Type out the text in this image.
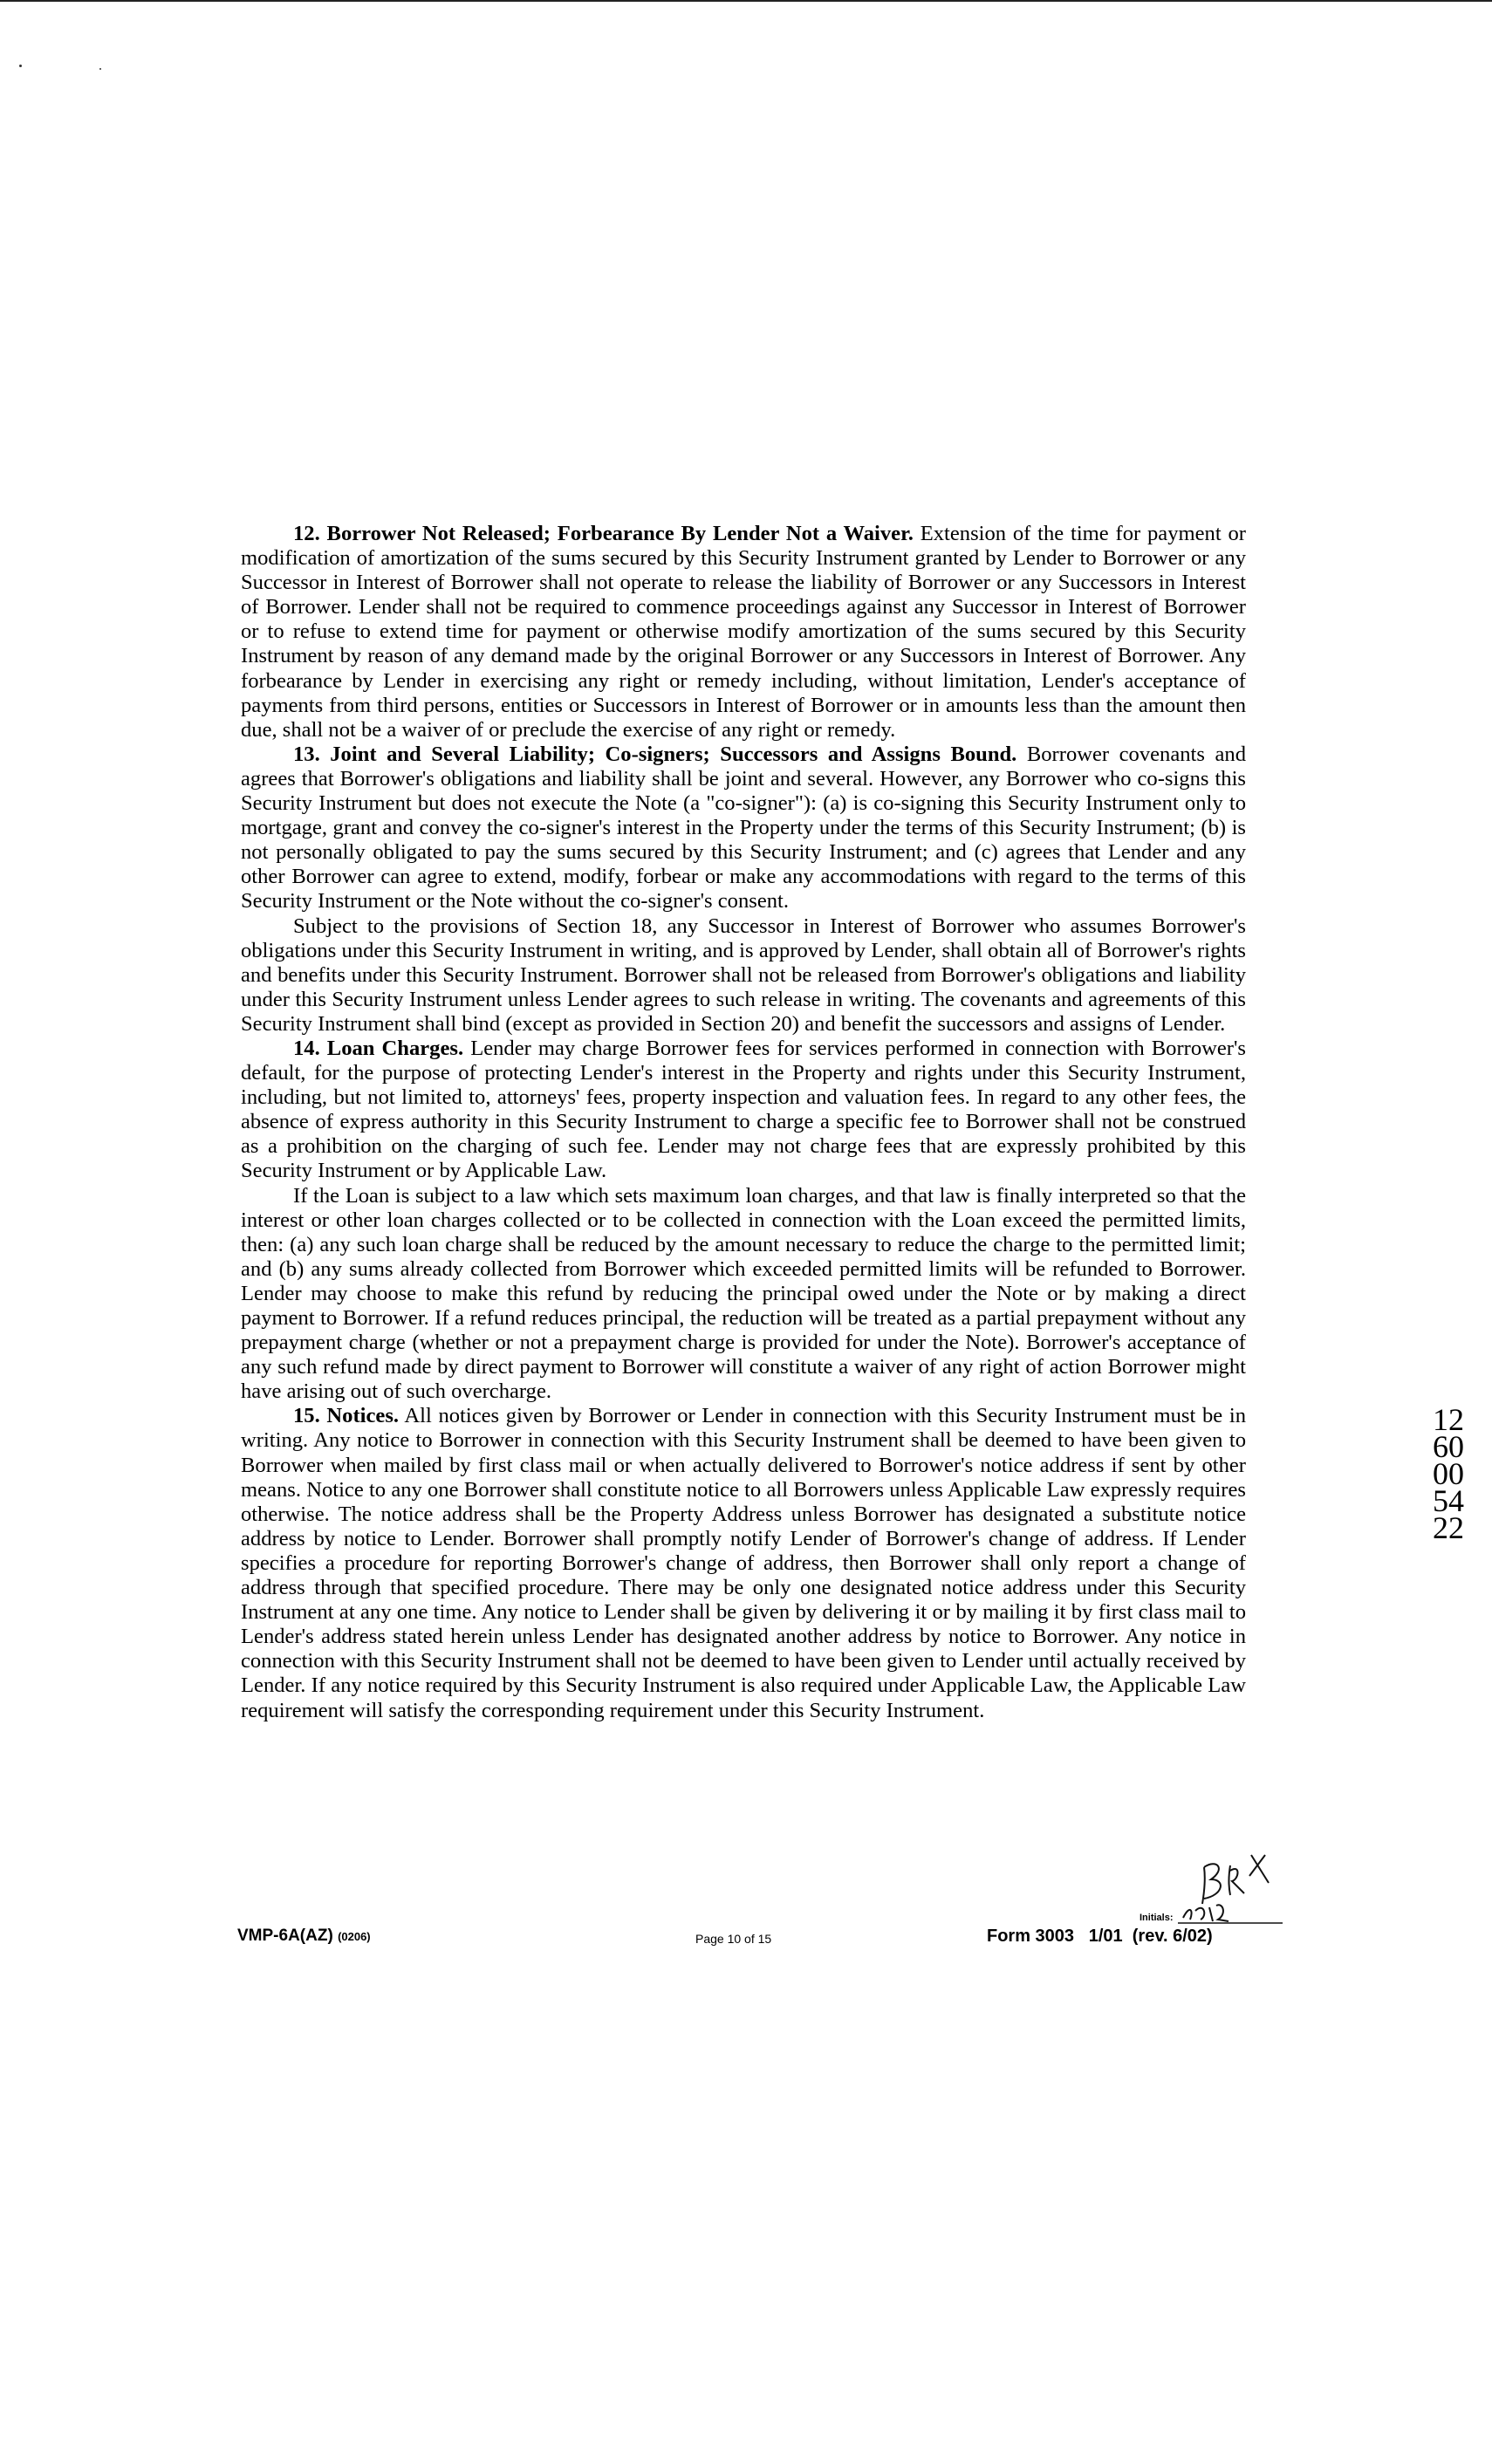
12. Borrower Not Released; Forbearance By Lender Not a Waiver. Extension of the time for payment or modification of amortization of the sums secured by this Security Instrument granted by Lender to Borrower or any Successor in Interest of Borrower shall not operate to release the liability of Borrower or any Successors in Interest of Borrower. Lender shall not be required to commence proceedings against any Successor in Interest of Borrower or to refuse to extend time for payment or otherwise modify amortization of the sums secured by this Security Instrument by reason of any demand made by the original Borrower or any Successors in Interest of Borrower. Any forbearance by Lender in exercising any right or remedy including, without limitation, Lender's acceptance of payments from third persons, entities or Successors in Interest of Borrower or in amounts less than the amount then due, shall not be a waiver of or preclude the exercise of any right or remedy.

13. Joint and Several Liability; Co-signers; Successors and Assigns Bound. Borrower covenants and agrees that Borrower's obligations and liability shall be joint and several. However, any Borrower who co-signs this Security Instrument but does not execute the Note (a "co-signer"): (a) is co-signing this Security Instrument only to mortgage, grant and convey the co-signer's interest in the Property under the terms of this Security Instrument; (b) is not personally obligated to pay the sums secured by this Security Instrument; and (c) agrees that Lender and any other Borrower can agree to extend, modify, forbear or make any accommodations with regard to the terms of this Security Instrument or the Note without the co-signer's consent.

Subject to the provisions of Section 18, any Successor in Interest of Borrower who assumes Borrower's obligations under this Security Instrument in writing, and is approved by Lender, shall obtain all of Borrower's rights and benefits under this Security Instrument. Borrower shall not be released from Borrower's obligations and liability under this Security Instrument unless Lender agrees to such release in writing. The covenants and agreements of this Security Instrument shall bind (except as provided in Section 20) and benefit the successors and assigns of Lender.

14. Loan Charges. Lender may charge Borrower fees for services performed in connection with Borrower's default, for the purpose of protecting Lender's interest in the Property and rights under this Security Instrument, including, but not limited to, attorneys' fees, property inspection and valuation fees. In regard to any other fees, the absence of express authority in this Security Instrument to charge a specific fee to Borrower shall not be construed as a prohibition on the charging of such fee. Lender may not charge fees that are expressly prohibited by this Security Instrument or by Applicable Law.

If the Loan is subject to a law which sets maximum loan charges, and that law is finally interpreted so that the interest or other loan charges collected or to be collected in connection with the Loan exceed the permitted limits, then: (a) any such loan charge shall be reduced by the amount necessary to reduce the charge to the permitted limit; and (b) any sums already collected from Borrower which exceeded permitted limits will be refunded to Borrower. Lender may choose to make this refund by reducing the principal owed under the Note or by making a direct payment to Borrower. If a refund reduces principal, the reduction will be treated as a partial prepayment without any prepayment charge (whether or not a prepayment charge is provided for under the Note). Borrower's acceptance of any such refund made by direct payment to Borrower will constitute a waiver of any right of action Borrower might have arising out of such overcharge.

15. Notices. All notices given by Borrower or Lender in connection with this Security Instrument must be in writing. Any notice to Borrower in connection with this Security Instrument shall be deemed to have been given to Borrower when mailed by first class mail or when actually delivered to Borrower's notice address if sent by other means. Notice to any one Borrower shall constitute notice to all Borrowers unless Applicable Law expressly requires otherwise. The notice address shall be the Property Address unless Borrower has designated a substitute notice address by notice to Lender. Borrower shall promptly notify Lender of Borrower's change of address. If Lender specifies a procedure for reporting Borrower's change of address, then Borrower shall only report a change of address through that specified procedure. There may be only one designated notice address under this Security Instrument at any one time. Any notice to Lender shall be given by delivering it or by mailing it by first class mail to Lender's address stated herein unless Lender has designated another address by notice to Borrower. Any notice in connection with this Security Instrument shall not be deemed to have been given to Lender until actually received by Lender. If any notice required by this Security Instrument is also required under Applicable Law, the Applicable Law requirement will satisfy the corresponding requirement under this Security Instrument.

VMP-6A(AZ) (0206)	Page 10 of 15	Form 3003   1/01  (rev. 6/02)
Initials:
1260005422
